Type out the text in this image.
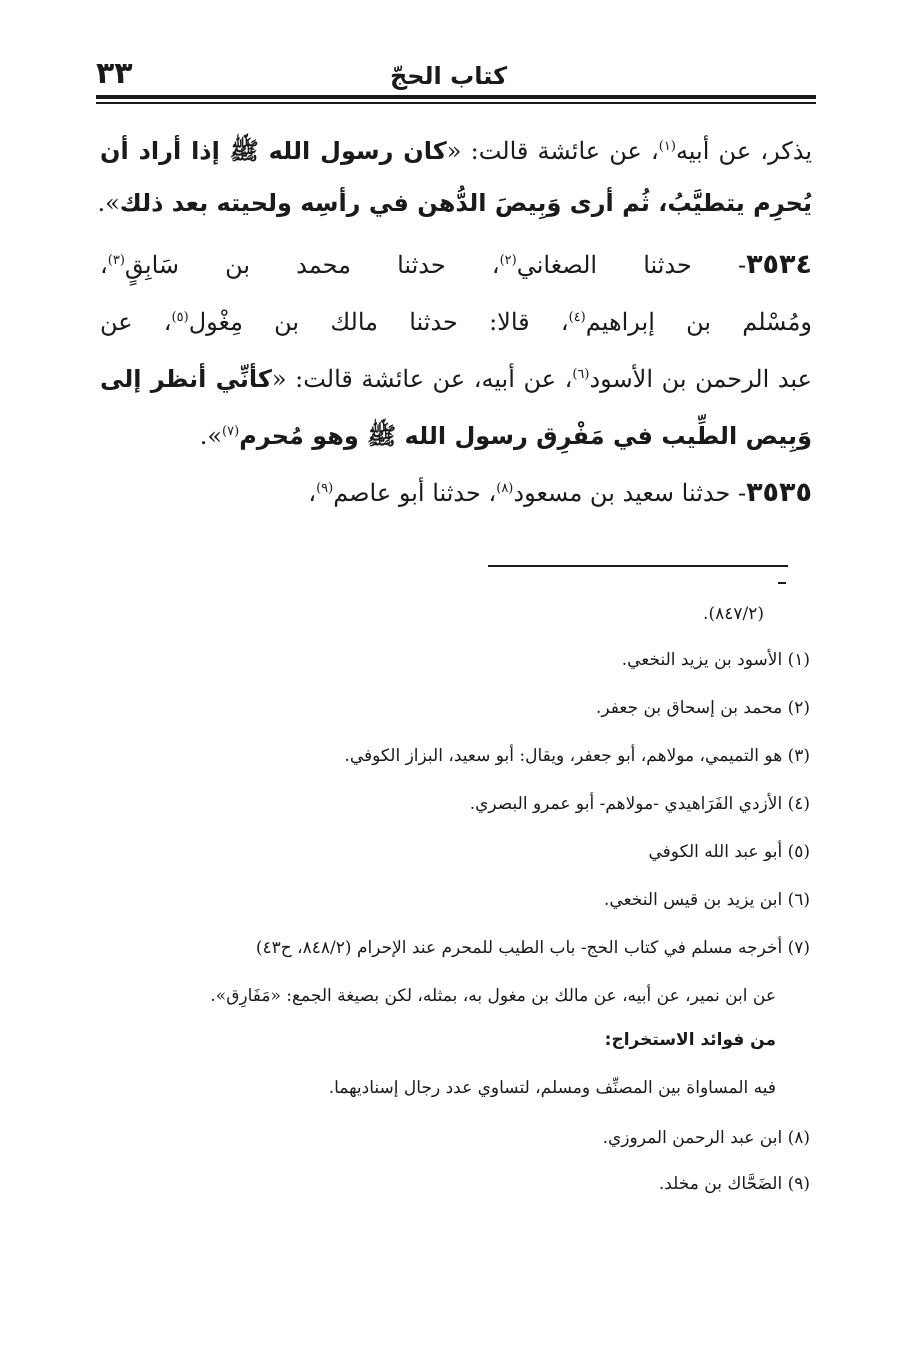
كتاب الحجّ
٣٣
يذكر، عن أبيه$^{(١)}$، عن عائشة قالت: «كان رسول الله ﷺ إذا أراد أن
يُحرِم يتطيَّبُ، ثُم أرى وَبِيصَ الدُّهن في رأسِه ولحيته بعد ذلك».
٣٥٣٤- حدثنا الصغاني$^{(٢)}$، حدثنا محمد بن سَابِقٍ$^{(٣)}$،
ومُسْلم بن إبراهيم$^{(٤)}$، قالا: حدثنا مالك بن مِغْول$^{(٥)}$، عن
عبد الرحمن بن الأسود$^{(٦)}$، عن أبيه، عن عائشة قالت: «كأنِّي أنظر إلى
وَبِيص الطِّيب في مَفْرِق رسول الله ﷺ وهو مُحرم$^{(٧)}$».
٣٥٣٥- حدثنا سعيد بن مسعود$^{(٨)}$، حدثنا أبو عاصم$^{(٩)}$،
(٨٤٧/٢).
(١) الأسود بن يزيد النخعي.
(٢) محمد بن إسحاق بن جعفر.
(٣) هو التميمي، مولاهم، أبو جعفر، ويقال: أبو سعيد، البزاز الكوفي.
(٤) الأزدي الفَرَاهيدي -مولاهم- أبو عمرو البصري.
(٥) أبو عبد الله الكوفي
(٦) ابن يزيد بن قيس النخعي.
(٧) أخرجه مسلم في كتاب الحج- باب الطيب للمحرم عند الإحرام (٨٤٨/٢، ح٤٣)
عن ابن نمير، عن أبيه، عن مالك بن مغول به، بمثله، لكن بصيغة الجمع: «مَفَارِق».
من فوائد الاستخراج:
فيه المساواة بين المصنِّف ومسلم، لتساوي عدد رجال إسناديهما.
(٨) ابن عبد الرحمن المروزي.
(٩) الضَحَّاك بن مخلد.
